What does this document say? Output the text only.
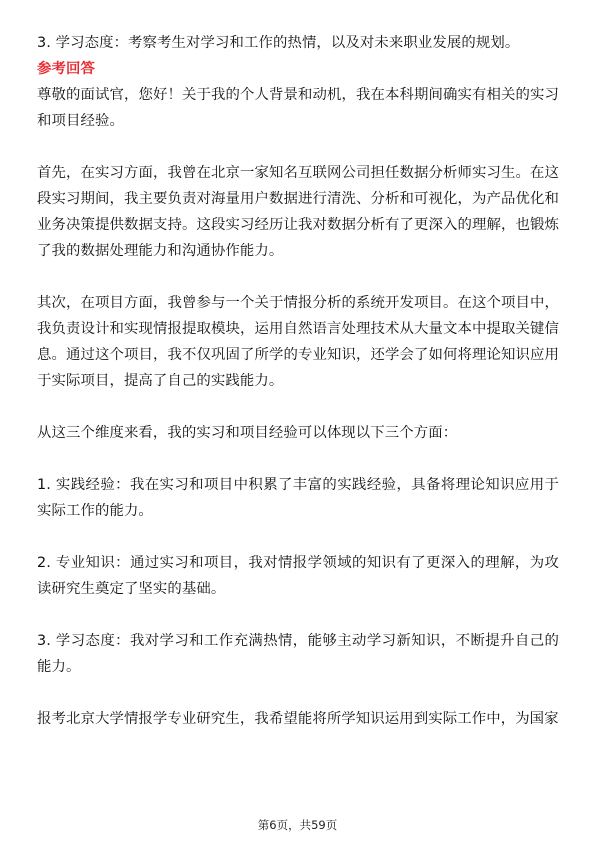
3. 学习态度：考察考生对学习和工作的热情，以及对未来职业发展的规划。

参考回答

尊敬的面试官，您好！关于我的个人背景和动机，我在本科期间确实有相关的实习和项目经验。

首先，在实习方面，我曾在北京一家知名互联网公司担任数据分析师实习生。在这段实习期间，我主要负责对海量用户数据进行清洗、分析和可视化，为产品优化和业务决策提供数据支持。这段实习经历让我对数据分析有了更深入的理解，也锻炼了我的数据处理能力和沟通协作能力。

其次，在项目方面，我曾参与一个关于情报分析的系统开发项目。在这个项目中，我负责设计和实现情报提取模块，运用自然语言处理技术从大量文本中提取关键信息。通过这个项目，我不仅巩固了所学的专业知识，还学会了如何将理论知识应用于实际项目，提高了自己的实践能力。

从这三个维度来看，我的实习和项目经验可以体现以下三个方面：

1. 实践经验：我在实习和项目中积累了丰富的实践经验，具备将理论知识应用于实际工作的能力。

2. 专业知识：通过实习和项目，我对情报学领域的知识有了更深入的理解，为攻读研究生奠定了坚实的基础。

3. 学习态度：我对学习和工作充满热情，能够主动学习新知识，不断提升自己的能力。

报考北京大学情报学专业研究生，我希望能将所学知识运用到实际工作中，为国家

第6页，共59页
